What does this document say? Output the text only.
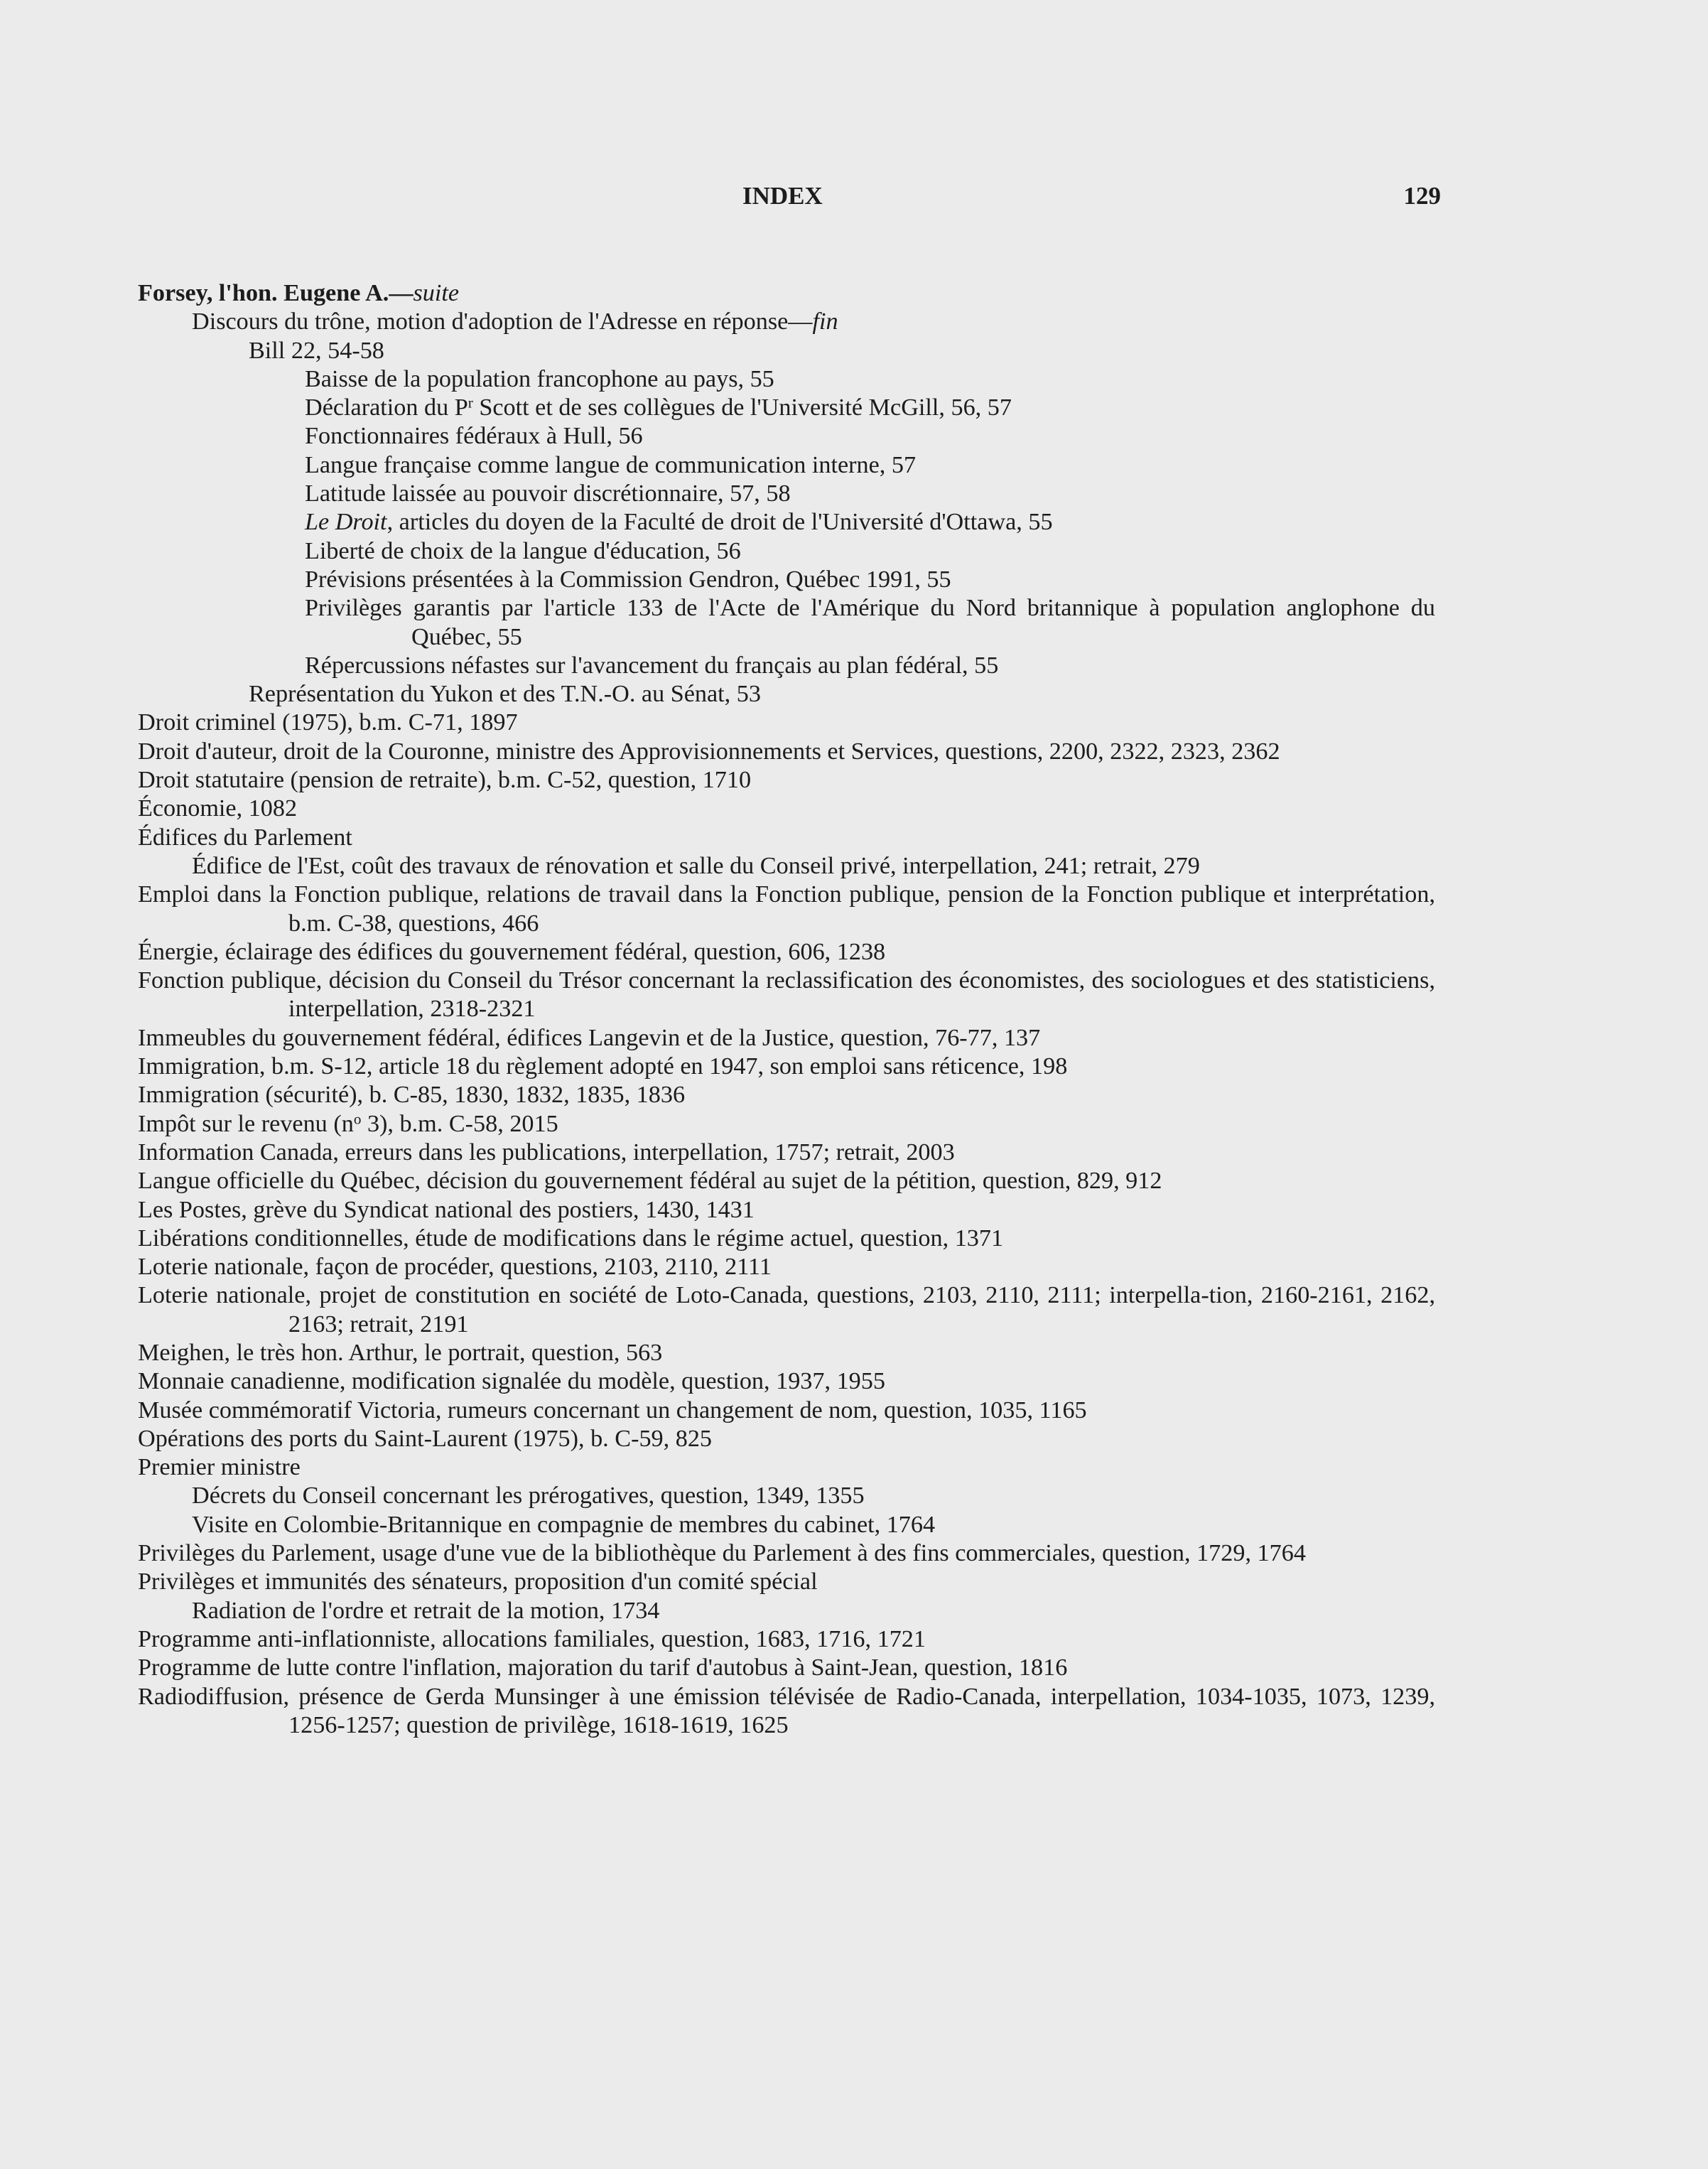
INDEX	129
Forsey, l'hon. Eugene A.—suite
Discours du trône, motion d'adoption de l'Adresse en réponse—fin
Bill 22, 54-58
Baisse de la population francophone au pays, 55
Déclaration du $P^r$ Scott et de ses collègues de l'Université McGill, 56, 57
Fonctionnaires fédéraux à Hull, 56
Langue française comme langue de communication interne, 57
Latitude laissée au pouvoir discrétionnaire, 57, 58
Le Droit, articles du doyen de la Faculté de droit de l'Université d'Ottawa, 55
Liberté de choix de la langue d'éducation, 56
Prévisions présentées à la Commission Gendron, Québec 1991, 55
Privilèges garantis par l'article 133 de l'Acte de l'Amérique du Nord britannique à population anglophone du Québec, 55
Répercussions néfastes sur l'avancement du français au plan fédéral, 55
Représentation du Yukon et des T.N.-O. au Sénat, 53
Droit criminel (1975), b.m. C-71, 1897
Droit d'auteur, droit de la Couronne, ministre des Approvisionnements et Services, questions, 2200, 2322, 2323, 2362
Droit statutaire (pension de retraite), b.m. C-52, question, 1710
Économie, 1082
Édifices du Parlement
Édifice de l'Est, coût des travaux de rénovation et salle du Conseil privé, interpellation, 241; retrait, 279
Emploi dans la Fonction publique, relations de travail dans la Fonction publique, pension de la Fonction publique et interprétation, b.m. C-38, questions, 466
Énergie, éclairage des édifices du gouvernement fédéral, question, 606, 1238
Fonction publique, décision du Conseil du Trésor concernant la reclassification des économistes, des sociologues et des statisticiens, interpellation, 2318-2321
Immeubles du gouvernement fédéral, édifices Langevin et de la Justice, question, 76-77, 137
Immigration, b.m. S-12, article 18 du règlement adopté en 1947, son emploi sans réticence, 198
Immigration (sécurité), b. C-85, 1830, 1832, 1835, 1836
Impôt sur le revenu ($n^o$ 3), b.m. C-58, 2015
Information Canada, erreurs dans les publications, interpellation, 1757; retrait, 2003
Langue officielle du Québec, décision du gouvernement fédéral au sujet de la pétition, question, 829, 912
Les Postes, grève du Syndicat national des postiers, 1430, 1431
Libérations conditionnelles, étude de modifications dans le régime actuel, question, 1371
Loterie nationale, façon de procéder, questions, 2103, 2110, 2111
Loterie nationale, projet de constitution en société de Loto-Canada, questions, 2103, 2110, 2111; interpella-tion, 2160-2161, 2162, 2163; retrait, 2191
Meighen, le très hon. Arthur, le portrait, question, 563
Monnaie canadienne, modification signalée du modèle, question, 1937, 1955
Musée commémoratif Victoria, rumeurs concernant un changement de nom, question, 1035, 1165
Opérations des ports du Saint-Laurent (1975), b. C-59, 825
Premier ministre
Décrets du Conseil concernant les prérogatives, question, 1349, 1355
Visite en Colombie-Britannique en compagnie de membres du cabinet, 1764
Privilèges du Parlement, usage d'une vue de la bibliothèque du Parlement à des fins commerciales, question, 1729, 1764
Privilèges et immunités des sénateurs, proposition d'un comité spécial
Radiation de l'ordre et retrait de la motion, 1734
Programme anti-inflationniste, allocations familiales, question, 1683, 1716, 1721
Programme de lutte contre l'inflation, majoration du tarif d'autobus à Saint-Jean, question, 1816
Radiodiffusion, présence de Gerda Munsinger à une émission télévisée de Radio-Canada, interpellation, 1034-1035, 1073, 1239, 1256-1257; question de privilège, 1618-1619, 1625
